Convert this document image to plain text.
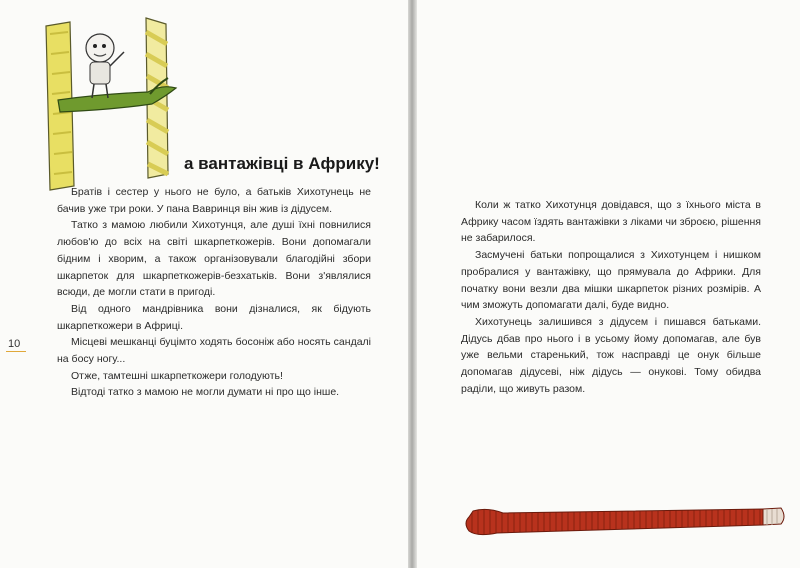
а вантажівці в Африку!

Братів і сестер у нього не було, а батьків Хихотунець не бачив уже три роки. У пана Вавринця він жив із дідусем.

Татко з мамою любили Хихотунця, але душі їхні повнилися любов'ю до всіх на світі шкарпеткожерів. Вони допомагали бідним і хворим, а також організовували благодійні збори шкарпеток для шкарпеткожерів-безхатьків. Вони з'являлися всюди, де могли стати в пригоді.

Від одного мандрівника вони дізналися, як бідують шкарпеткожери в Африці.

Місцеві мешканці буцімто ходять босоніж або носять сандалі на босу ногу...

Отже, тамтешні шкарпеткожери голодують!

Відтоді татко з мамою не могли думати ні про що інше.

10

Коли ж татко Хихотунця довідався, що з їхнього міста в Африку часом їздять вантажівки з ліками чи зброєю, рішення не забарилося.

Засмучені батьки попрощалися з Хихотунцем і нишком пробралися у вантажівку, що прямувала до Африки. Для початку вони везли два мішки шкарпеток різних розмірів. А чим зможуть допомагати далі, буде видно.

Хихотунець залишився з дідусем і пишався батьками. Дідусь дбав про нього і в усьому йому допомагав, але був уже вельми старенький, тож насправді це онук більше допомагав дідусеві, ніж дідусь — онукові. Тому обидва раділи, що живуть разом.
